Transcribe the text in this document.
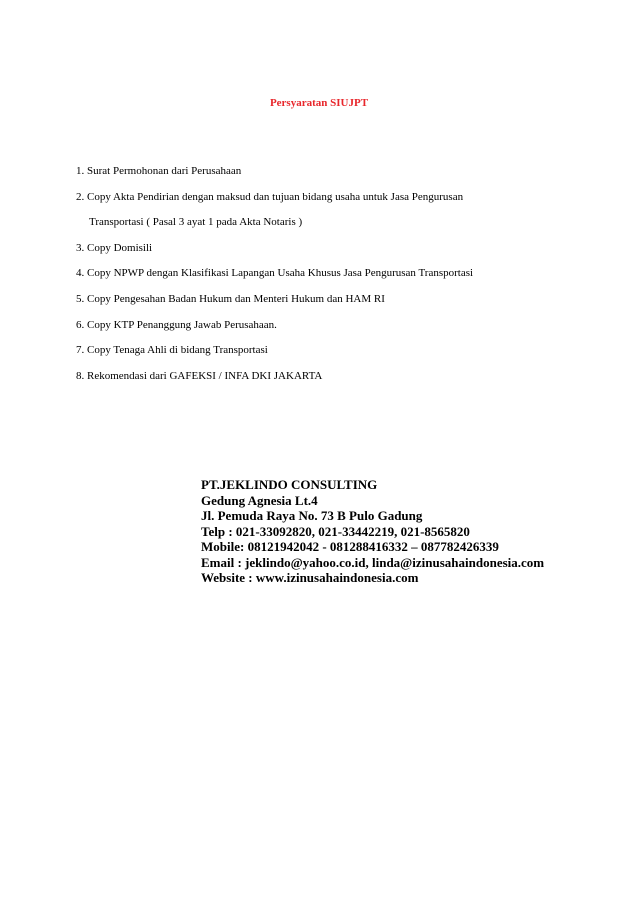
Persyaratan SIUJPT
1. Surat Permohonan dari Perusahaan
2. Copy Akta Pendirian dengan maksud dan tujuan bidang usaha untuk Jasa Pengurusan
Transportasi ( Pasal 3 ayat 1 pada Akta Notaris )
3. Copy Domisili
4. Copy NPWP dengan Klasifikasi Lapangan Usaha Khusus Jasa Pengurusan Transportasi
5. Copy Pengesahan Badan Hukum dan Menteri Hukum dan HAM RI
6. Copy KTP Penanggung Jawab Perusahaan.
7. Copy Tenaga Ahli di bidang Transportasi
8. Rekomendasi dari GAFEKSI / INFA DKI JAKARTA
PT.JEKLINDO CONSULTING
Gedung Agnesia Lt.4
Jl. Pemuda Raya No. 73 B Pulo Gadung
Telp : 021-33092820, 021-33442219, 021-8565820
Mobile: 08121942042 - 081288416332 – 087782426339
Email : jeklindo@yahoo.co.id, linda@izinusahaindonesia.com
Website : www.izinusahaindonesia.com
